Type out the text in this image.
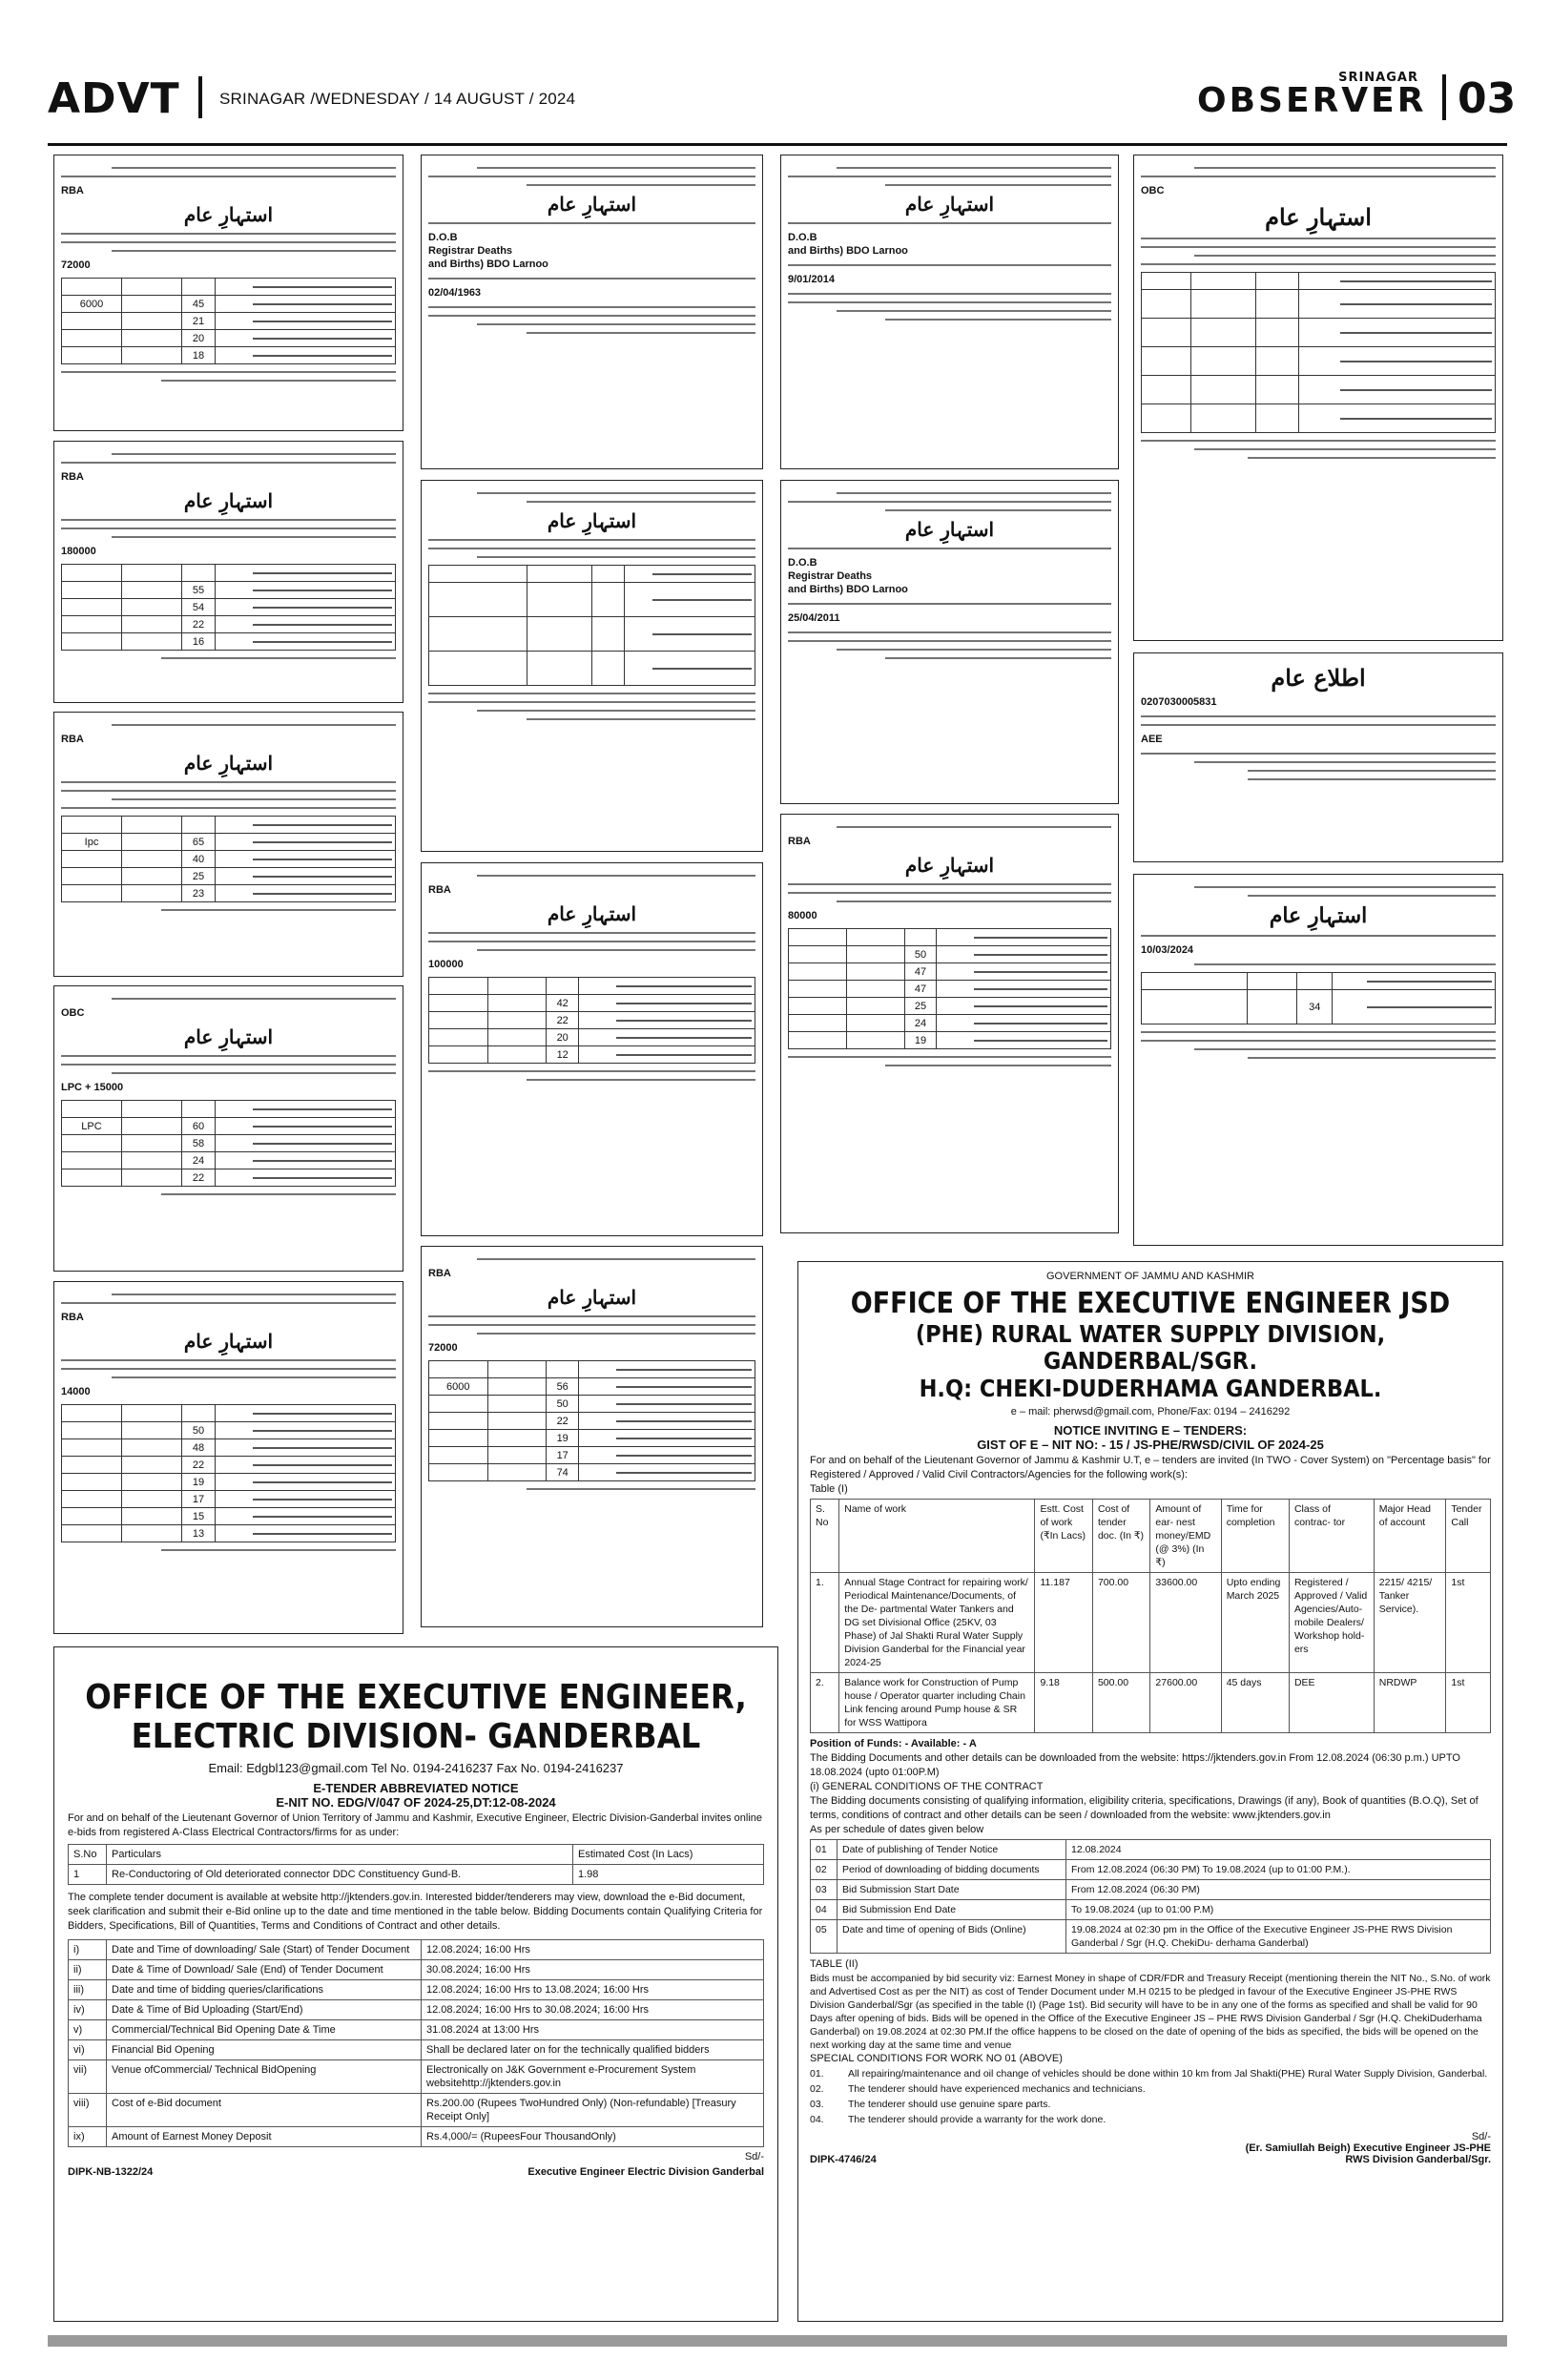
ADVT SRINAGAR /WEDNESDAY / 14 AUGUST / 2024
SRINAGAR
OBSERVER 03
RBA
استہارِ عام
72000

6000		45	

		21	

		20	

		18	
RBA
استہارِ عام
180000

		55	

		54	

		22	

		16	
RBA
استہارِ عام

Ipc		65	

		40	

		25	

		23	
OBC
استہارِ عام
LPC + 15000

LPC		60	

		58	

		24	

		22	
RBA
استہارِ عام
14000

		50	

		48	

		22	

		19	

		17	

		15	

		13	
استہارِ عام
D.O.B
Registrar Deaths
and Births) BDO Larnoo
02/04/1963
استہارِ عام

RBA
استہارِ عام
100000

		42	

		22	

		20	

		12	
RBA
استہارِ عام
72000

6000		56	

		50	

		22	

		19	

		17	

		74	
استہارِ عام
D.O.B
and Births) BDO Larnoo
9/01/2014
استہارِ عام
D.O.B
Registrar Deaths
and Births) BDO Larnoo
25/04/2011
RBA
استہارِ عام
80000

		50	

		47	

		47	

		25	

		24	

		19	
OBC
استہارِ عام

اطلاع عام
0207030005831
AEE
استہارِ عام
10/03/2024

		34	
GOVERNMENT OF JAMMU AND KASHMIR
OFFICE OF THE EXECUTIVE ENGINEER JSD
(PHE) RURAL WATER SUPPLY DIVISION, GANDERBAL/SGR.
H.Q: CHEKI-DUDERHAMA GANDERBAL.
e – mail: pherwsd@gmail.com, Phone/Fax: 0194 – 2416292
NOTICE INVITING E – TENDERS:
GIST OF E – NIT NO: - 15 / JS-PHE/RWSD/CIVIL OF 2024-25
For and on behalf of the Lieutenant Governor of Jammu & Kashmir U.T, e – tenders are invited (In TWO - Cover System) on "Percentage basis" for Registered / Approved / Valid Civil Contractors/Agencies for the following work(s):
Table (I)
S. No	Name of work	Estt. Cost of work (₹In Lacs)	Cost of tender doc. (In ₹)	Amount of ear- nest money/EMD (@ 3%) (In ₹)	Time for completion	Class of contrac- tor	Major Head of account	Tender Call
1.	Annual Stage Contract for repairing work/ Periodical Maintenance/Documents, of the De- partmental Water Tankers and DG set Divisional Office (25KV, 03 Phase) of Jal Shakti Rural Water Supply Division Ganderbal for the Financial year 2024-25	11.187	700.00	33600.00	Upto ending March 2025	Registered / Approved / Valid Agencies/Auto- mobile Dealers/ Workshop hold- ers	2215/ 4215/ Tanker Service).	1st
2.	Balance work for Construction of Pump house / Operator quarter including Chain Link fencing around Pump house & SR for WSS Wattipora	9.18	500.00	27600.00	45 days	DEE	NRDWP	1st
Position of Funds: - Available: - A
The Bidding Documents and other details can be downloaded from the website: https://jktenders.gov.in From 12.08.2024 (06:30 p.m.) UPTO 18.08.2024 (upto 01:00P.M)
(i) GENERAL CONDITIONS OF THE CONTRACT
The Bidding documents consisting of qualifying information, eligibility criteria, specifications, Drawings (if any), Book of quantities (B.O.Q), Set of terms, conditions of contract and other details can be seen / downloaded from the website: www.jktenders.gov.in
As per schedule of dates given below
01	Date of publishing of Tender Notice	12.08.2024
02	Period of downloading of bidding documents	From 12.08.2024 (06:30 PM) To 19.08.2024 (up to 01:00 P.M.).
03	Bid Submission Start Date	From 12.08.2024 (06:30 PM)
04	Bid Submission End Date	To 19.08.2024 (up to 01:00 P.M)
05	Date and time of opening of Bids (Online)	19.08.2024 at 02:30 pm in the Office of the Executive Engineer JS-PHE RWS Division Ganderbal / Sgr (H.Q. ChekiDu- derhama Ganderbal)
TABLE (II)
Bids must be accompanied by bid security viz: Earnest Money in shape of CDR/FDR and Treasury Receipt (mentioning therein the NIT No., S.No. of work and Advertised Cost as per the NIT) as cost of Tender Document under M.H 0215 to be pledged in favour of the Executive Engineer JS-PHE RWS Division Ganderbal/Sgr (as specified in the table (I) (Page 1st). Bid security will have to be in any one of the forms as specified and shall be valid for 90 Days after opening of bids. Bids will be opened in the Office of the Executive Engineer JS – PHE RWS Division Ganderbal / Sgr (H.Q. ChekiDuderhama Ganderbal) on 19.08.2024 at 02:30 PM.If the office happens to be closed on the date of opening of the bids as specified, the bids will be opened on the next working day at the same time and venue
SPECIAL CONDITIONS FOR WORK NO 01 (ABOVE)
01.	All repairing/maintenance and oil change of vehicles should be done within 10 km from Jal Shakti(PHE) Rural Water Supply Division, Ganderbal.
02.	The tenderer should have experienced mechanics and technicians.
03.	The tenderer should use genuine spare parts.
04.	The tenderer should provide a warranty for the work done.
Sd/-
DIPK-4746/24
(Er. Samiullah Beigh) Executive Engineer JS-PHE
RWS Division Ganderbal/Sgr.
OFFICE OF THE EXECUTIVE ENGINEER,
ELECTRIC DIVISION- GANDERBAL
Email: Edgbl123@gmail.com Tel No. 0194-2416237 Fax No. 0194-2416237
E-TENDER ABBREVIATED NOTICE
E-NIT NO. EDG/V/047 OF 2024-25,DT:12-08-2024
For and on behalf of the Lieutenant Governor of Union Territory of Jammu and Kashmir, Executive Engineer, Electric Division-Ganderbal invites online e-bids from registered A-Class Electrical Contractors/firms for as under:
S.No	Particulars	Estimated Cost (In Lacs)
1	Re-Conductoring of Old deteriorated connector DDC Constituency Gund-B.	1.98
The complete tender document is available at website http://jktenders.gov.in. Interested bidder/tenderers may view, download the e-Bid document, seek clarification and submit their e-Bid online up to the date and time mentioned in the table below. Bidding Documents contain Qualifying Criteria for Bidders, Specifications, Bill of Quantities, Terms and Conditions of Contract and other details.
i)	Date and Time of downloading/ Sale (Start) of Tender Document	12.08.2024; 16:00 Hrs
ii)	Date & Time of Download/ Sale (End) of Tender Document	30.08.2024; 16:00 Hrs
iii)	Date and time of bidding queries/clarifications	12.08.2024; 16:00 Hrs to 13.08.2024; 16:00 Hrs
iv)	Date & Time of Bid Uploading (Start/End)	12.08.2024; 16:00 Hrs to 30.08.2024; 16:00 Hrs
v)	Commercial/Technical Bid Opening Date & Time	31.08.2024 at 13:00 Hrs
vi)	Financial Bid Opening	Shall be declared later on for the technically qualified bidders
vii)	Venue ofCommercial/ Technical BidOpening	Electronically on J&K Government e-Procurement System websitehttp://jktenders.gov.in
viii)	Cost of e-Bid document	Rs.200.00 (Rupees TwoHundred Only) (Non-refundable) [Treasury Receipt Only]
ix)	Amount of Earnest Money Deposit	Rs.4,000/= (RupeesFour ThousandOnly)
Sd/-
DIPK-NB-1322/24	Executive Engineer Electric Division Ganderbal
